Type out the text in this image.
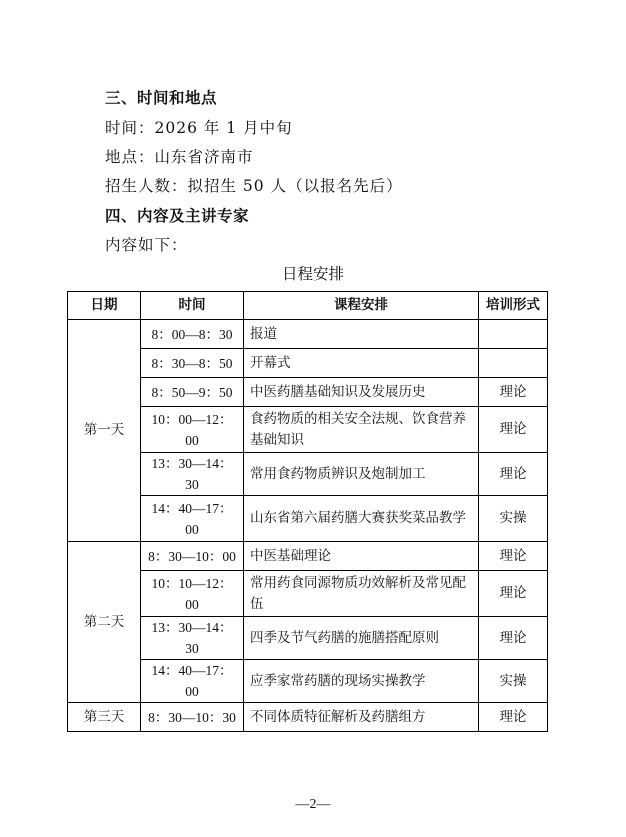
三、时间和地点
时间：2026 年 1 月中旬
地点：山东省济南市
招生人数：拟招生 50 人（以报名先后）
四、内容及主讲专家
内容如下：
日程安排
日期	时间	课程安排	培训形式
第一天	8：00—8：30	报道	
	8：30—8：50	开幕式	
	8：50—9：50	中医药膳基础知识及发展历史	理论
	10：00—12：00	食药物质的相关安全法规、饮食营养基础知识	理论
	13：30—14：30	常用食药物质辨识及炮制加工	理论
	14：40—17：00	山东省第六届药膳大赛获奖菜品教学	实操
第二天	8：30—10：00	中医基础理论	理论
	10：10—12：00	常用药食同源物质功效解析及常见配伍	理论
	13：30—14：30	四季及节气药膳的施膳搭配原则	理论
	14：40—17：00	应季家常药膳的现场实操教学	实操
第三天	8：30—10：30	不同体质特征解析及药膳组方	理论
—2—
